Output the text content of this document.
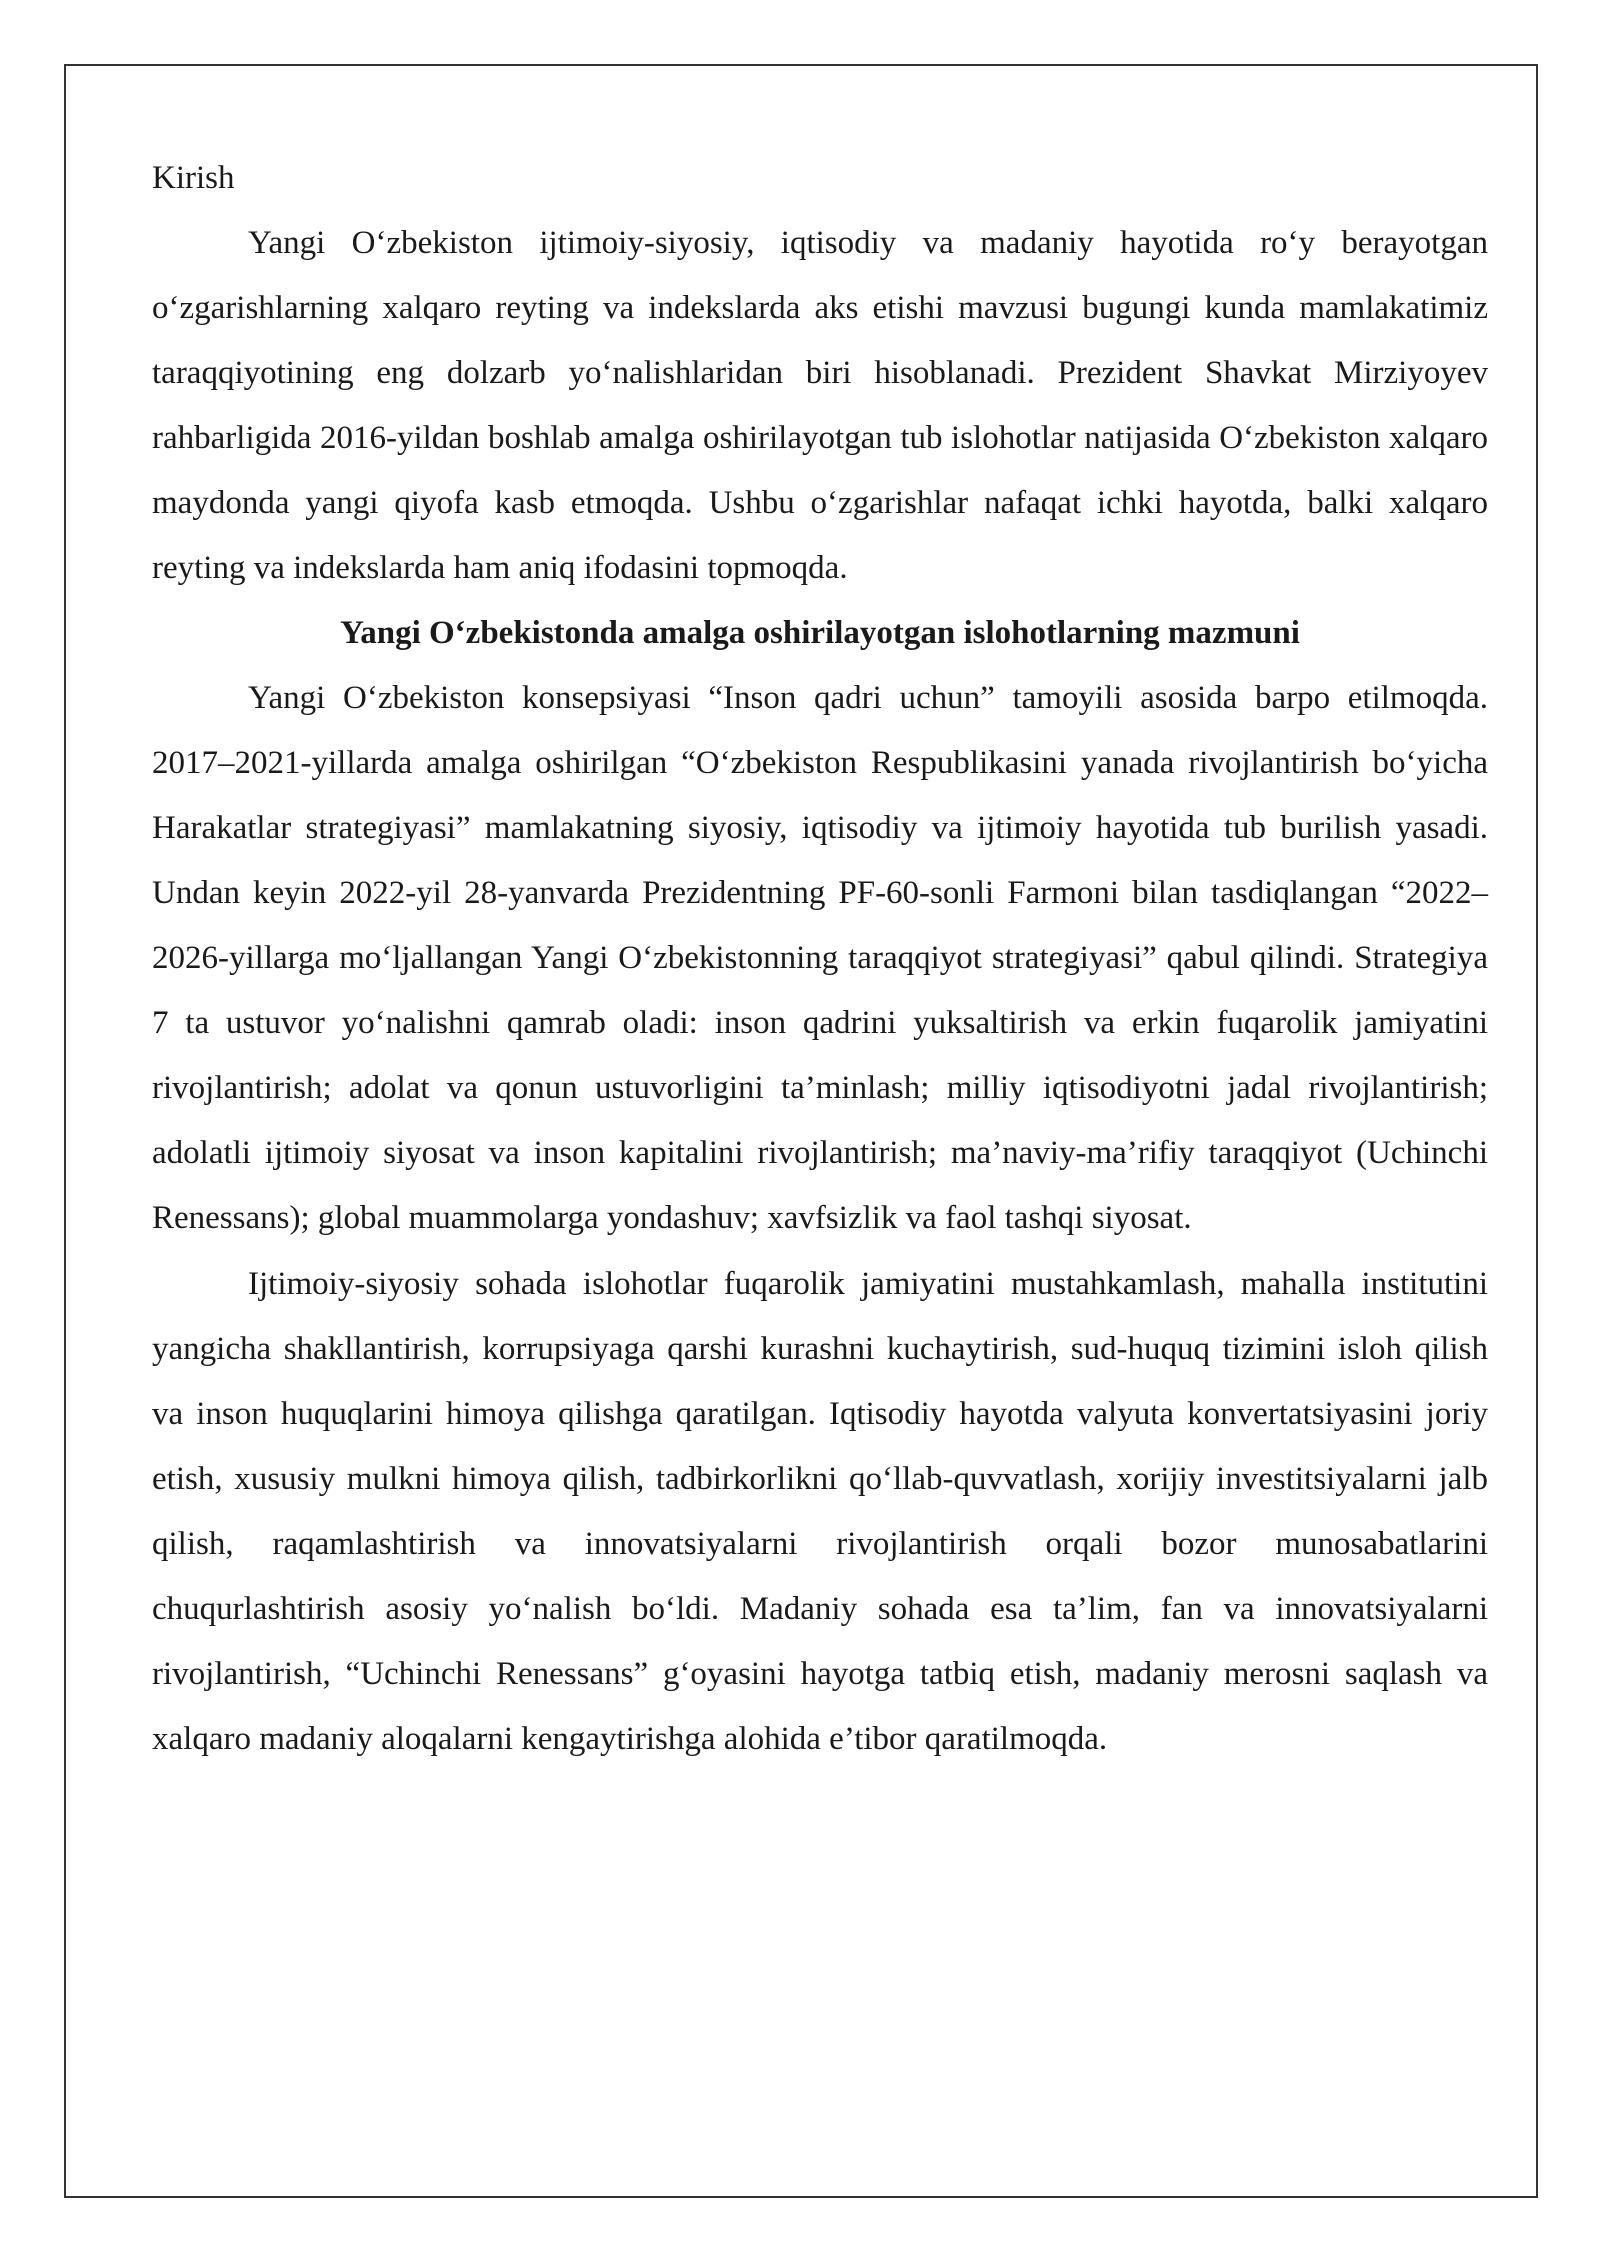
Kirish

Yangi O‘zbekiston ijtimoiy-siyosiy, iqtisodiy va madaniy hayotida ro‘y berayotgan o‘zgarishlarning xalqaro reyting va indekslarda aks etishi mavzusi bugungi kunda mamlakatimiz taraqqiyotining eng dolzarb yo‘nalishlaridan biri hisoblanadi. Prezident Shavkat Mirziyoyev rahbarligida 2016-yildan boshlab amalga oshirilayotgan tub islohotlar natijasida O‘zbekiston xalqaro maydonda yangi qiyofa kasb etmoqda. Ushbu o‘zgarishlar nafaqat ichki hayotda, balki xalqaro reyting va indekslarda ham aniq ifodasini topmoqda.

Yangi O‘zbekistonda amalga oshirilayotgan islohotlarning mazmuni

Yangi O‘zbekiston konsepsiyasi “Inson qadri uchun” tamoyili asosida barpo etilmoqda. 2017–2021-yillarda amalga oshirilgan “O‘zbekiston Respublikasini yanada rivojlantirish bo‘yicha Harakatlar strategiyasi” mamlakatning siyosiy, iqtisodiy va ijtimoiy hayotida tub burilish yasadi. Undan keyin 2022-yil 28-yanvarda Prezidentning PF-60-sonli Farmoni bilan tasdiqlangan “2022–2026-yillarga mo‘ljallangan Yangi O‘zbekistonning taraqqiyot strategiyasi” qabul qilindi. Strategiya 7 ta ustuvor yo‘nalishni qamrab oladi: inson qadrini yuksaltirish va erkin fuqarolik jamiyatini rivojlantirish; adolat va qonun ustuvorligini ta’minlash; milliy iqtisodiyotni jadal rivojlantirish; adolatli ijtimoiy siyosat va inson kapitalini rivojlantirish; ma’naviy-ma’rifiy taraqqiyot (Uchinchi Renessans); global muammolarga yondashuv; xavfsizlik va faol tashqi siyosat.

Ijtimoiy-siyosiy sohada islohotlar fuqarolik jamiyatini mustahkamlash, mahalla institutini yangicha shakllantirish, korrupsiyaga qarshi kurashni kuchaytirish, sud-huquq tizimini isloh qilish va inson huquqlarini himoya qilishga qaratilgan. Iqtisodiy hayotda valyuta konvertatsiyasini joriy etish, xususiy mulkni himoya qilish, tadbirkorlikni qo‘llab-quvvatlash, xorijiy investitsiyalarni jalb qilish, raqamlashtirish va innovatsiyalarni rivojlantirish orqali bozor munosabatlarini chuqurlashtirish asosiy yo‘nalish bo‘ldi. Madaniy sohada esa ta’lim, fan va innovatsiyalarni rivojlantirish, “Uchinchi Renessans” g‘oyasini hayotga tatbiq etish, madaniy merosni saqlash va xalqaro madaniy aloqalarni kengaytirishga alohida e’tibor qaratilmoqda.
